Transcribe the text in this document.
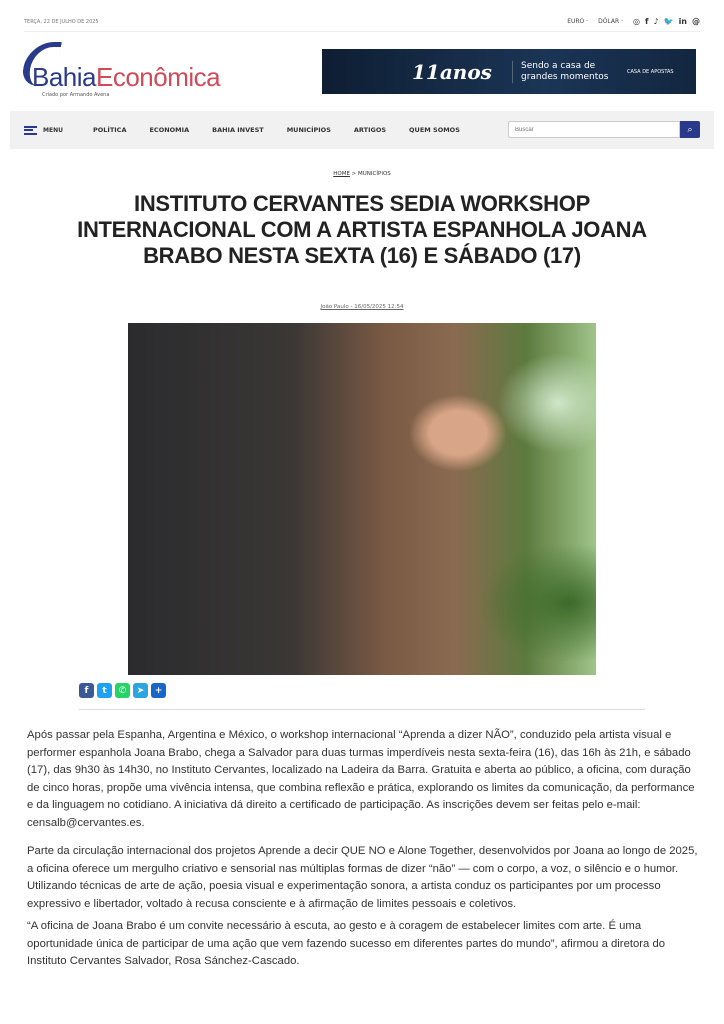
TERÇA, 22 DE JULHO DE 2025	EURO · DÓLAR · ◎ f ♪ 🐦 in @
BahiaEconômica
Criado por Armando Avena
11anos	Sendo a casa de grandes momentos	CASA DE APOSTAS
MENU	POLÍTICA	ECONOMIA	BAHIA INVEST	MUNICÍPIOS	ARTIGOS	QUEM SOMOS
Buscar	⌕
HOME > MUNICÍPIOS
INSTITUTO CERVANTES SEDIA WORKSHOP INTERNACIONAL COM A ARTISTA ESPANHOLA JOANA BRABO NESTA SEXTA (16) E SÁBADO (17)
João Paulo - 16/05/2025 12:54
f	t	✆	➤	+

Após passar pela Espanha, Argentina e México, o workshop internacional “Aprenda a dizer NÃO”, conduzido pela artista visual e performer espanhola Joana Brabo, chega a Salvador para duas turmas imperdíveis nesta sexta-feira (16), das 16h às 21h, e sábado (17), das 9h30 às 14h30, no Instituto Cervantes, localizado na Ladeira da Barra. Gratuita e aberta ao público, a oficina, com duração de cinco horas, propõe uma vivência intensa, que combina reflexão e prática, explorando os limites da comunicação, da performance e da linguagem no cotidiano. A iniciativa dá direito a certificado de participação. As inscrições devem ser feitas pelo e-mail: censalb@cervantes.es.

Parte da circulação internacional dos projetos Aprende a decir QUE NO e Alone Together, desenvolvidos por Joana ao longo de 2025, a oficina oferece um mergulho criativo e sensorial nas múltiplas formas de dizer “não” — com o corpo, a voz, o silêncio e o humor. Utilizando técnicas de arte de ação, poesia visual e experimentação sonora, a artista conduz os participantes por um processo expressivo e libertador, voltado à recusa consciente e à afirmação de limites pessoais e coletivos.

“A oficina de Joana Brabo é um convite necessário à escuta, ao gesto e à coragem de estabelecer limites com arte. É uma oportunidade única de participar de uma ação que vem fazendo sucesso em diferentes partes do mundo”, afirmou a diretora do Instituto Cervantes Salvador, Rosa Sánchez-Cascado.
